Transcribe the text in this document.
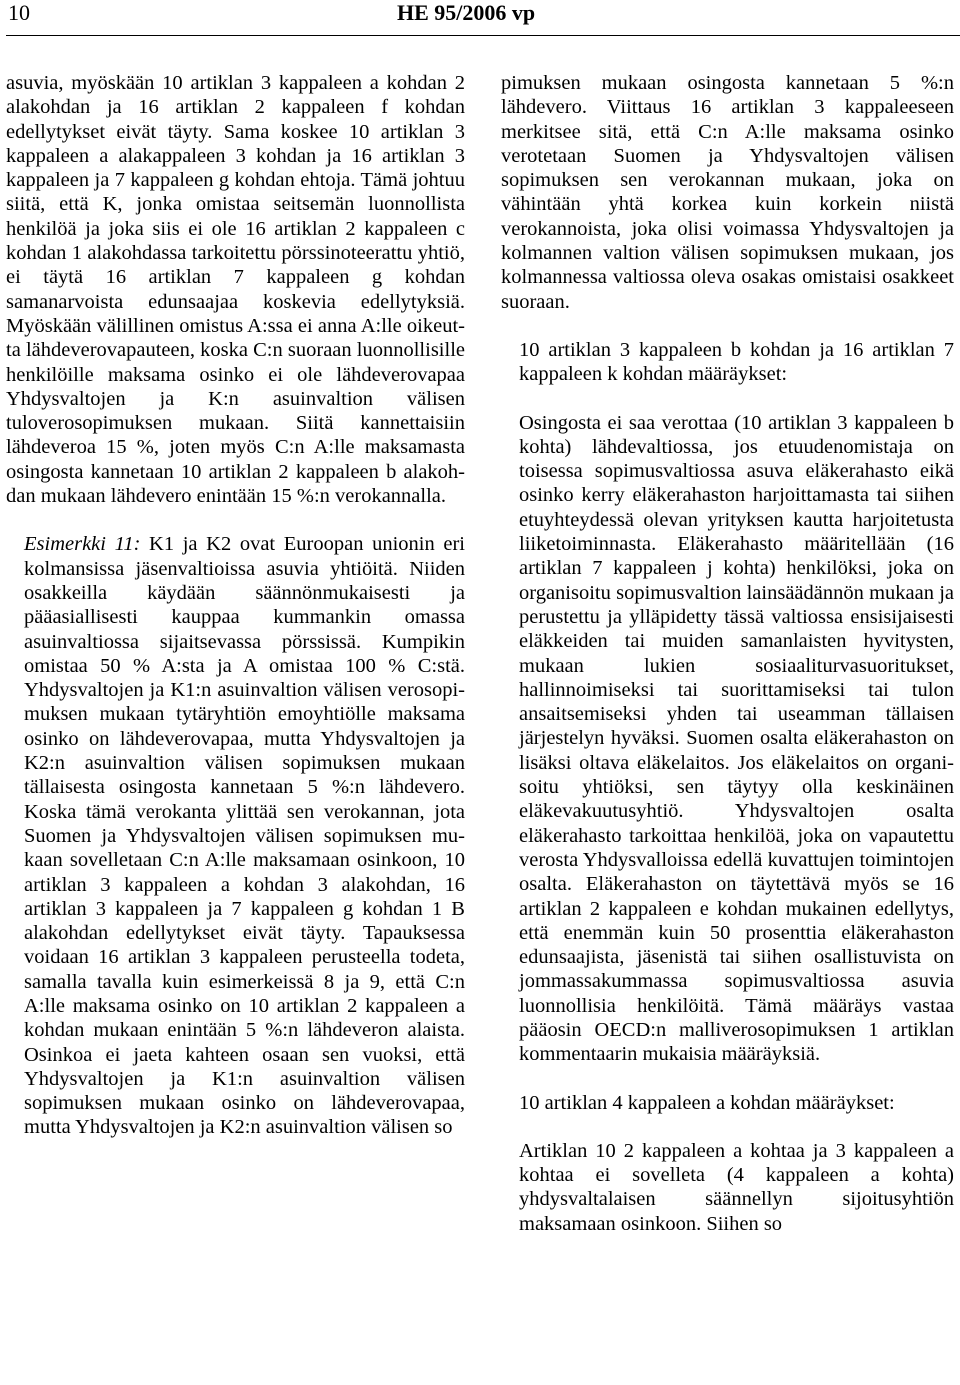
10	HE 95/2006 vp

asuvia, myöskään 10 artiklan 3 kappaleen a kohdan 2 alakohdan ja 16 artiklan 2 kappaleen f kohdan edellytykset eivät täyty. Sama koskee 10 artiklan 3 kappaleen a alakappaleen 3 kohdan ja 16 artiklan 3 kappaleen ja 7 kappaleen g kohdan ehtoja. Tämä johtuu siitä, että K, jonka omistaa seitsemän luonnollista henkilöä ja joka siis ei ole 16 artiklan 2 kappaleen c kohdan 1 alakohdassa tarkoitettu pörssinoteerattu yhtiö, ei täytä 16 artiklan 7 kappaleen g kohdan samanarvoista edunsaajaa koskevia edellytyksiä. Myöskään välillinen omistus A:ssa ei anna A:lle oikeutta lähdeverovapauteen, koska C:n suoraan luonnollisille henkilöille maksama osinko ei ole lähdeverovapaa Yhdysvaltojen ja K:n asuinvaltion välisen tuloverosopimuksen mukaan. Siitä kannettaisiin lähdeveroa 15 %, joten myös C:n A:lle maksamasta osingosta kannetaan 10 artiklan 2 kappaleen b alakohdan mukaan lähdevero enintään 15 %:n verokannalla.

Esimerkki 11: K1 ja K2 ovat Euroopan unionin eri kolmansissa jäsenvaltioissa asuvia yhtiöitä. Niiden osakkeilla käydään säännönmukaisesti ja pääasiallisesti kauppaa kummankin omassa asuinvaltiossa sijaitsevassa pörssissä. Kumpikin omistaa 50 % A:sta ja A omistaa 100 % C:stä. Yhdysvaltojen ja K1:n asuinvaltion välisen verosopimuksen mukaan tytäryhtiön emoyhtiölle maksama osinko on lähdeverovapaa, mutta Yhdysvaltojen ja K2:n asuinvaltion välisen sopimuksen mukaan tällaisesta osingosta kannetaan 5 %:n lähdevero. Koska tämä verokanta ylittää sen verokannan, jota Suomen ja Yhdysvaltojen välisen sopimuksen mukaan sovelletaan C:n A:lle maksamaan osinkoon, 10 artiklan 3 kappaleen a kohdan 3 alakohdan, 16 artiklan 3 kappaleen ja 7 kappaleen g kohdan 1 B alakohdan edellytykset eivät täyty. Tapauksessa voidaan 16 artiklan 3 kappaleen perusteella todeta, samalla tavalla kuin esimerkeissä 8 ja 9, että C:n A:lle maksama osinko on 10 artiklan 2 kappaleen a kohdan mukaan enintään 5 %:n lähdeveron alaista. Osinkoa ei jaeta kahteen osaan sen vuoksi, että Yhdysvaltojen ja K1:n asuinvaltion välisen sopimuksen mukaan osinko on lähdeverovapaa, mutta Yhdysvaltojen ja K2:n asuinvaltion välisen so

pimuksen mukaan osingosta kannetaan 5 %:n lähdevero. Viittaus 16 artiklan 3 kappaleeseen merkitsee sitä, että C:n A:lle maksama osinko verotetaan Suomen ja Yhdysvaltojen välisen sopimuksen sen verokannan mukaan, joka on vähintään yhtä korkea kuin korkein niistä verokannoista, joka olisi voimassa Yhdysvaltojen ja kolmannen valtion välisen sopimuksen mukaan, jos kolmannessa valtiossa oleva osakas omistaisi osakkeet suoraan.

10 artiklan 3 kappaleen b kohdan ja 16 artiklan 7 kappaleen k kohdan määräykset:

Osingosta ei saa verottaa (10 artiklan 3 kappaleen b kohta) lähdevaltiossa, jos etuudenomistaja on toisessa sopimusvaltiossa asuva eläkerahasto eikä osinko kerry eläkerahaston harjoittamasta tai siihen etuyhteydessä olevan yrityksen kautta harjoitetusta liiketoiminnasta. Eläkerahasto määritellään (16 artiklan 7 kappaleen j kohta) henkilöksi, joka on organisoitu sopimusvaltion lainsäädännön mukaan ja perustettu ja ylläpidetty tässä valtiossa ensisijaisesti eläkkeiden tai muiden samanlaisten hyvitysten, mukaan lukien sosiaaliturvasuoritukset, hallinnoimiseksi tai suorittamiseksi tai tulon ansaitsemiseksi yhden tai useamman tällaisen järjestelyn hyväksi. Suomen osalta eläkerahaston on lisäksi oltava eläkelaitos. Jos eläkelaitos on organisoitu yhtiöksi, sen täytyy olla keskinäinen eläkevakuutusyhtiö. Yhdysvaltojen osalta eläkerahasto tarkoittaa henkilöä, joka on vapautettu verosta Yhdysvalloissa edellä kuvattujen toimintojen osalta. Eläkerahaston on täytettävä myös se 16 artiklan 2 kappaleen e kohdan mukainen edellytys, että enemmän kuin 50 prosenttia eläkerahaston edunsaajista, jäsenistä tai siihen osallistuvista on jommassakummassa sopimusvaltiossa asuvia luonnollisia henkilöitä. Tämä määräys vastaa pääosin OECD:n malliverosopimuksen 1 artiklan kommentaarin mukaisia määräyksiä.

10 artiklan 4 kappaleen a kohdan määräykset:

Artiklan 10 2 kappaleen a kohtaa ja 3 kappaleen a kohtaa ei sovelleta (4 kappaleen a kohta) yhdysvaltalaisen säännellyn sijoitusyhtiön maksamaan osinkoon. Siihen so
